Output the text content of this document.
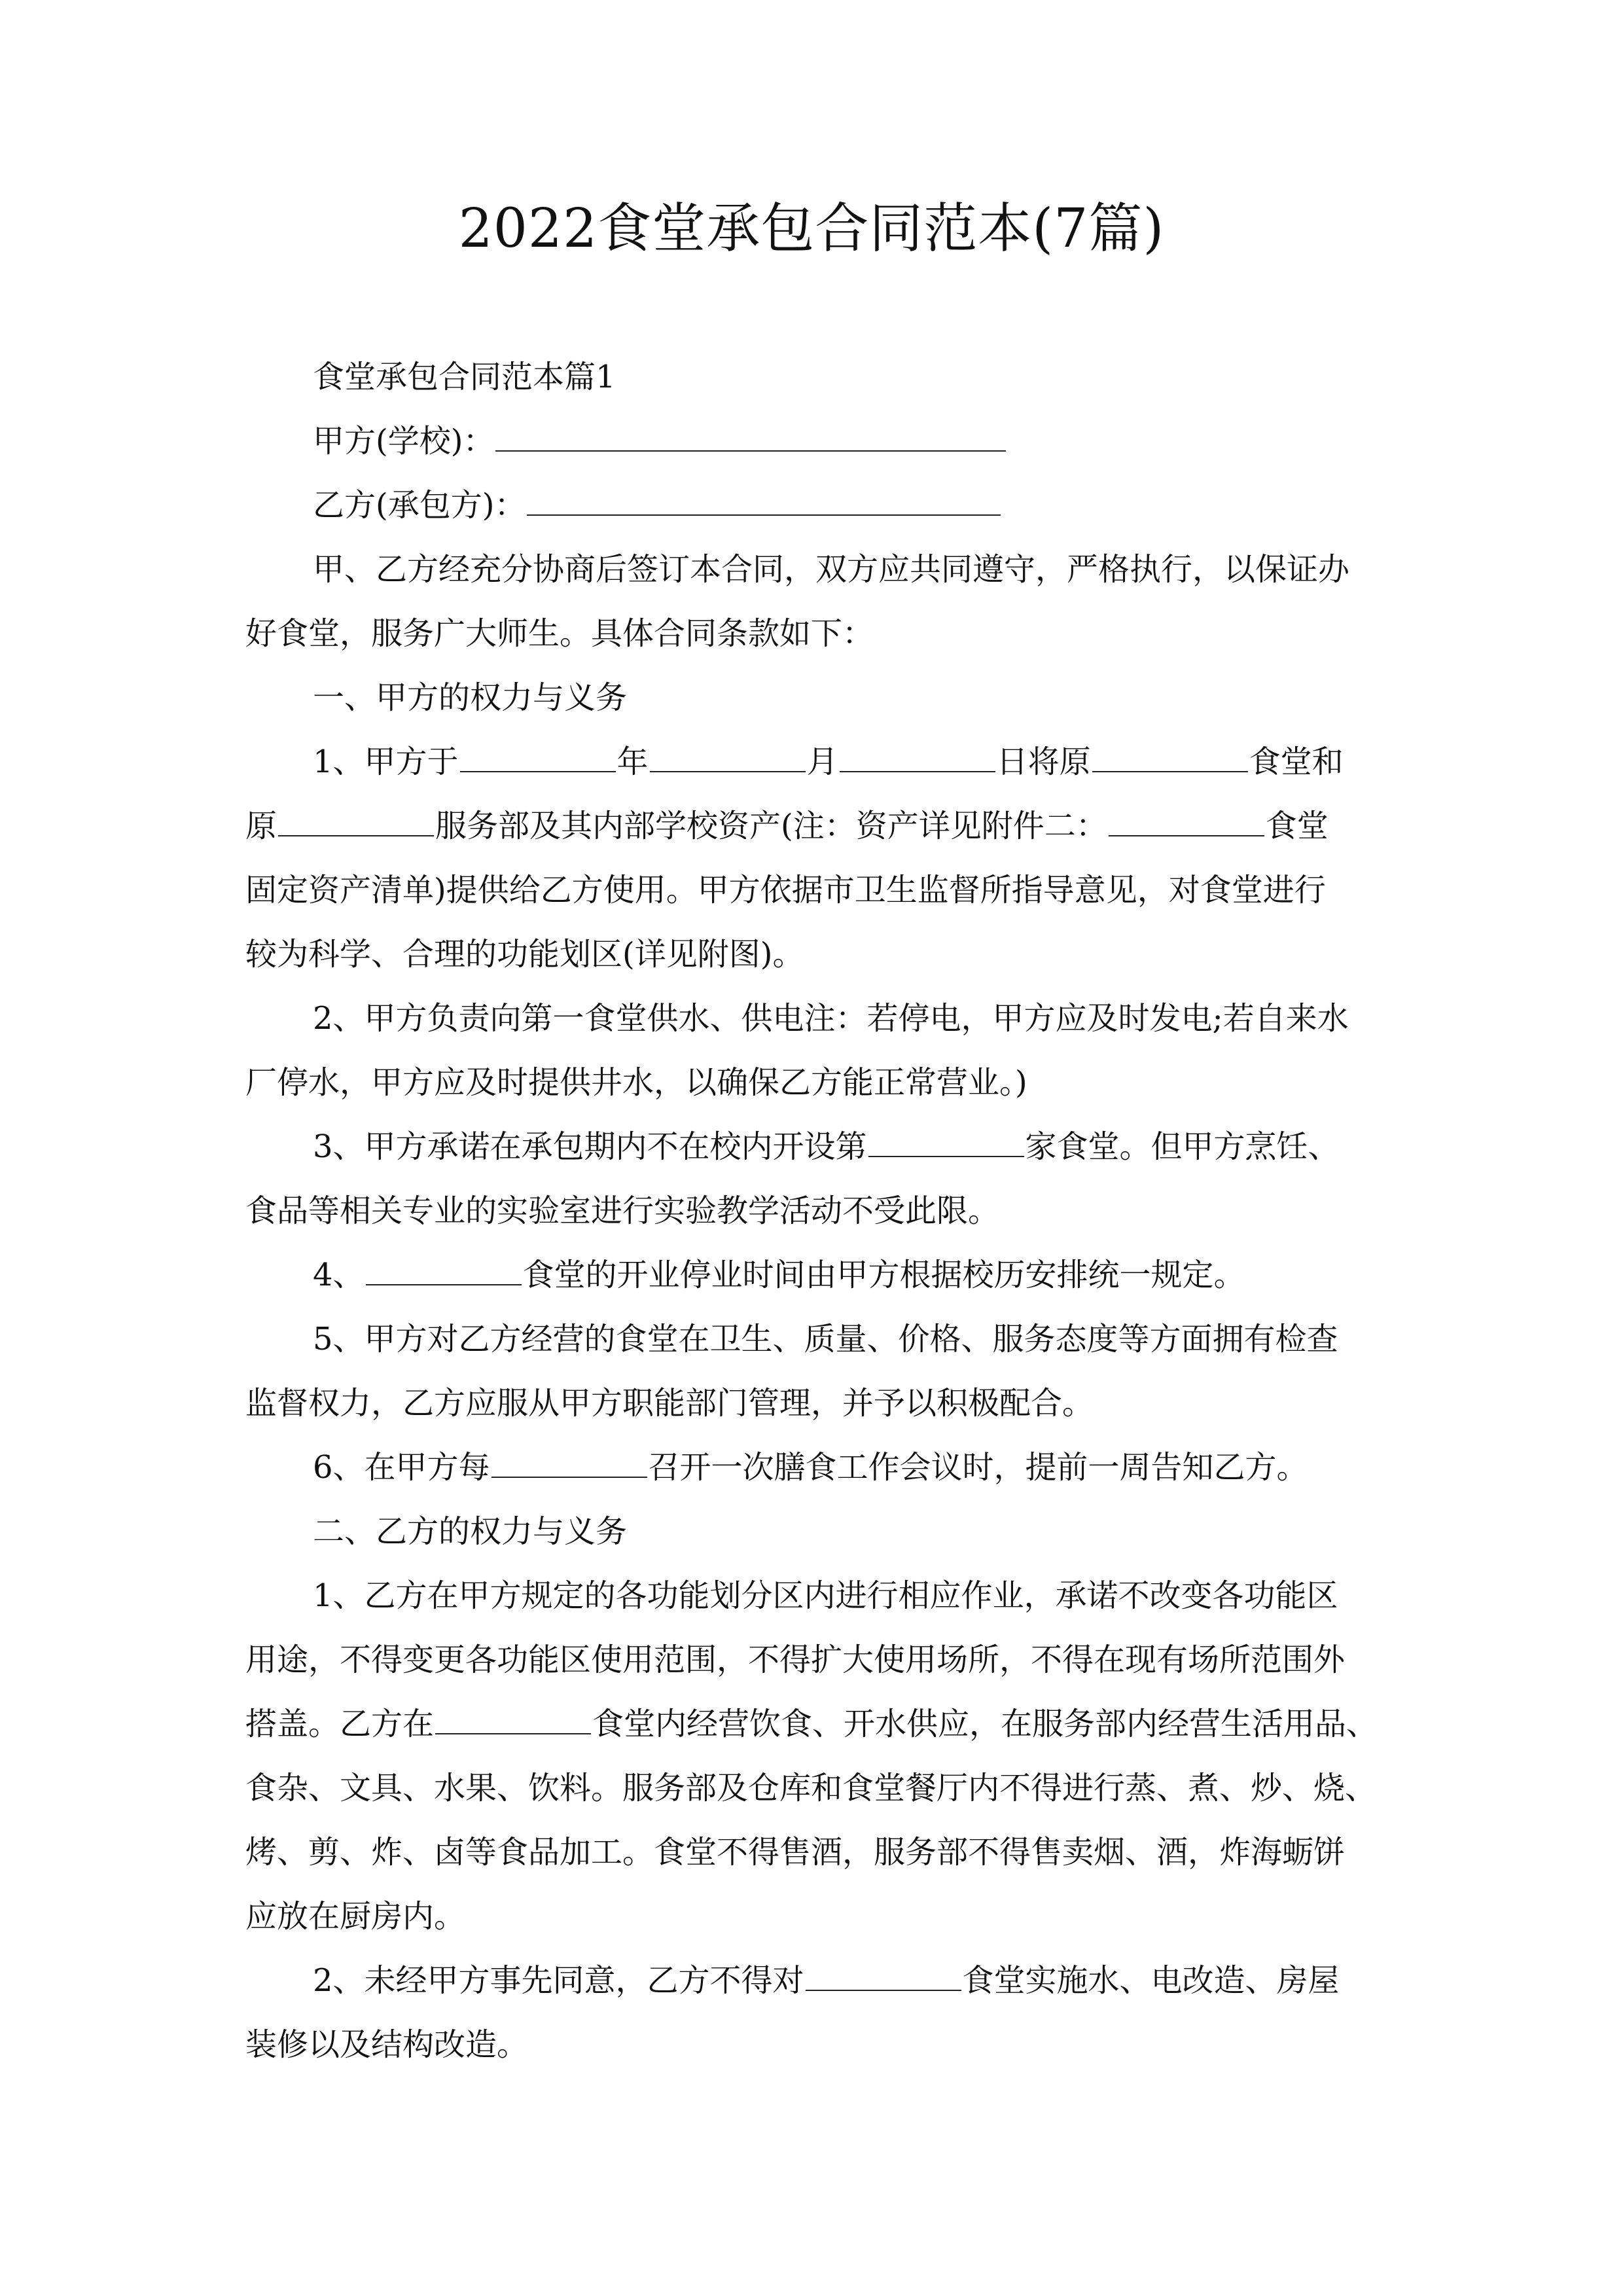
2022食堂承包合同范本(7篇)
食堂承包合同范本篇1
甲方(学校)：
乙方(承包方)：
甲、乙方经充分协商后签订本合同，双方应共同遵守，严格执行，以保证办
好食堂，服务广大师生。具体合同条款如下：
一、甲方的权力与义务
1、甲方于	年	月	日将原	食堂和
原	服务部及其内部学校资产(注：资产详见附件二：	食堂
固定资产清单)提供给乙方使用。甲方依据市卫生监督所指导意见，对食堂进行
较为科学、合理的功能划区(详见附图)。
2、甲方负责向第一食堂供水、供电注：若停电，甲方应及时发电;若自来水
厂停水，甲方应及时提供井水，以确保乙方能正常营业。)
3、甲方承诺在承包期内不在校内开设第	家食堂。但甲方烹饪、
食品等相关专业的实验室进行实验教学活动不受此限。
4、	食堂的开业停业时间由甲方根据校历安排统一规定。
5、甲方对乙方经营的食堂在卫生、质量、价格、服务态度等方面拥有检查
监督权力，乙方应服从甲方职能部门管理，并予以积极配合。
6、在甲方每	召开一次膳食工作会议时，提前一周告知乙方。
二、乙方的权力与义务
1、乙方在甲方规定的各功能划分区内进行相应作业，承诺不改变各功能区
用途，不得变更各功能区使用范围，不得扩大使用场所，不得在现有场所范围外
搭盖。乙方在	食堂内经营饮食、开水供应，在服务部内经营生活用品、
食杂、文具、水果、饮料。服务部及仓库和食堂餐厅内不得进行蒸、煮、炒、烧、
烤、剪、炸、卤等食品加工。食堂不得售酒，服务部不得售卖烟、酒，炸海蛎饼
应放在厨房内。
2、未经甲方事先同意，乙方不得对	食堂实施水、电改造、房屋
装修以及结构改造。
